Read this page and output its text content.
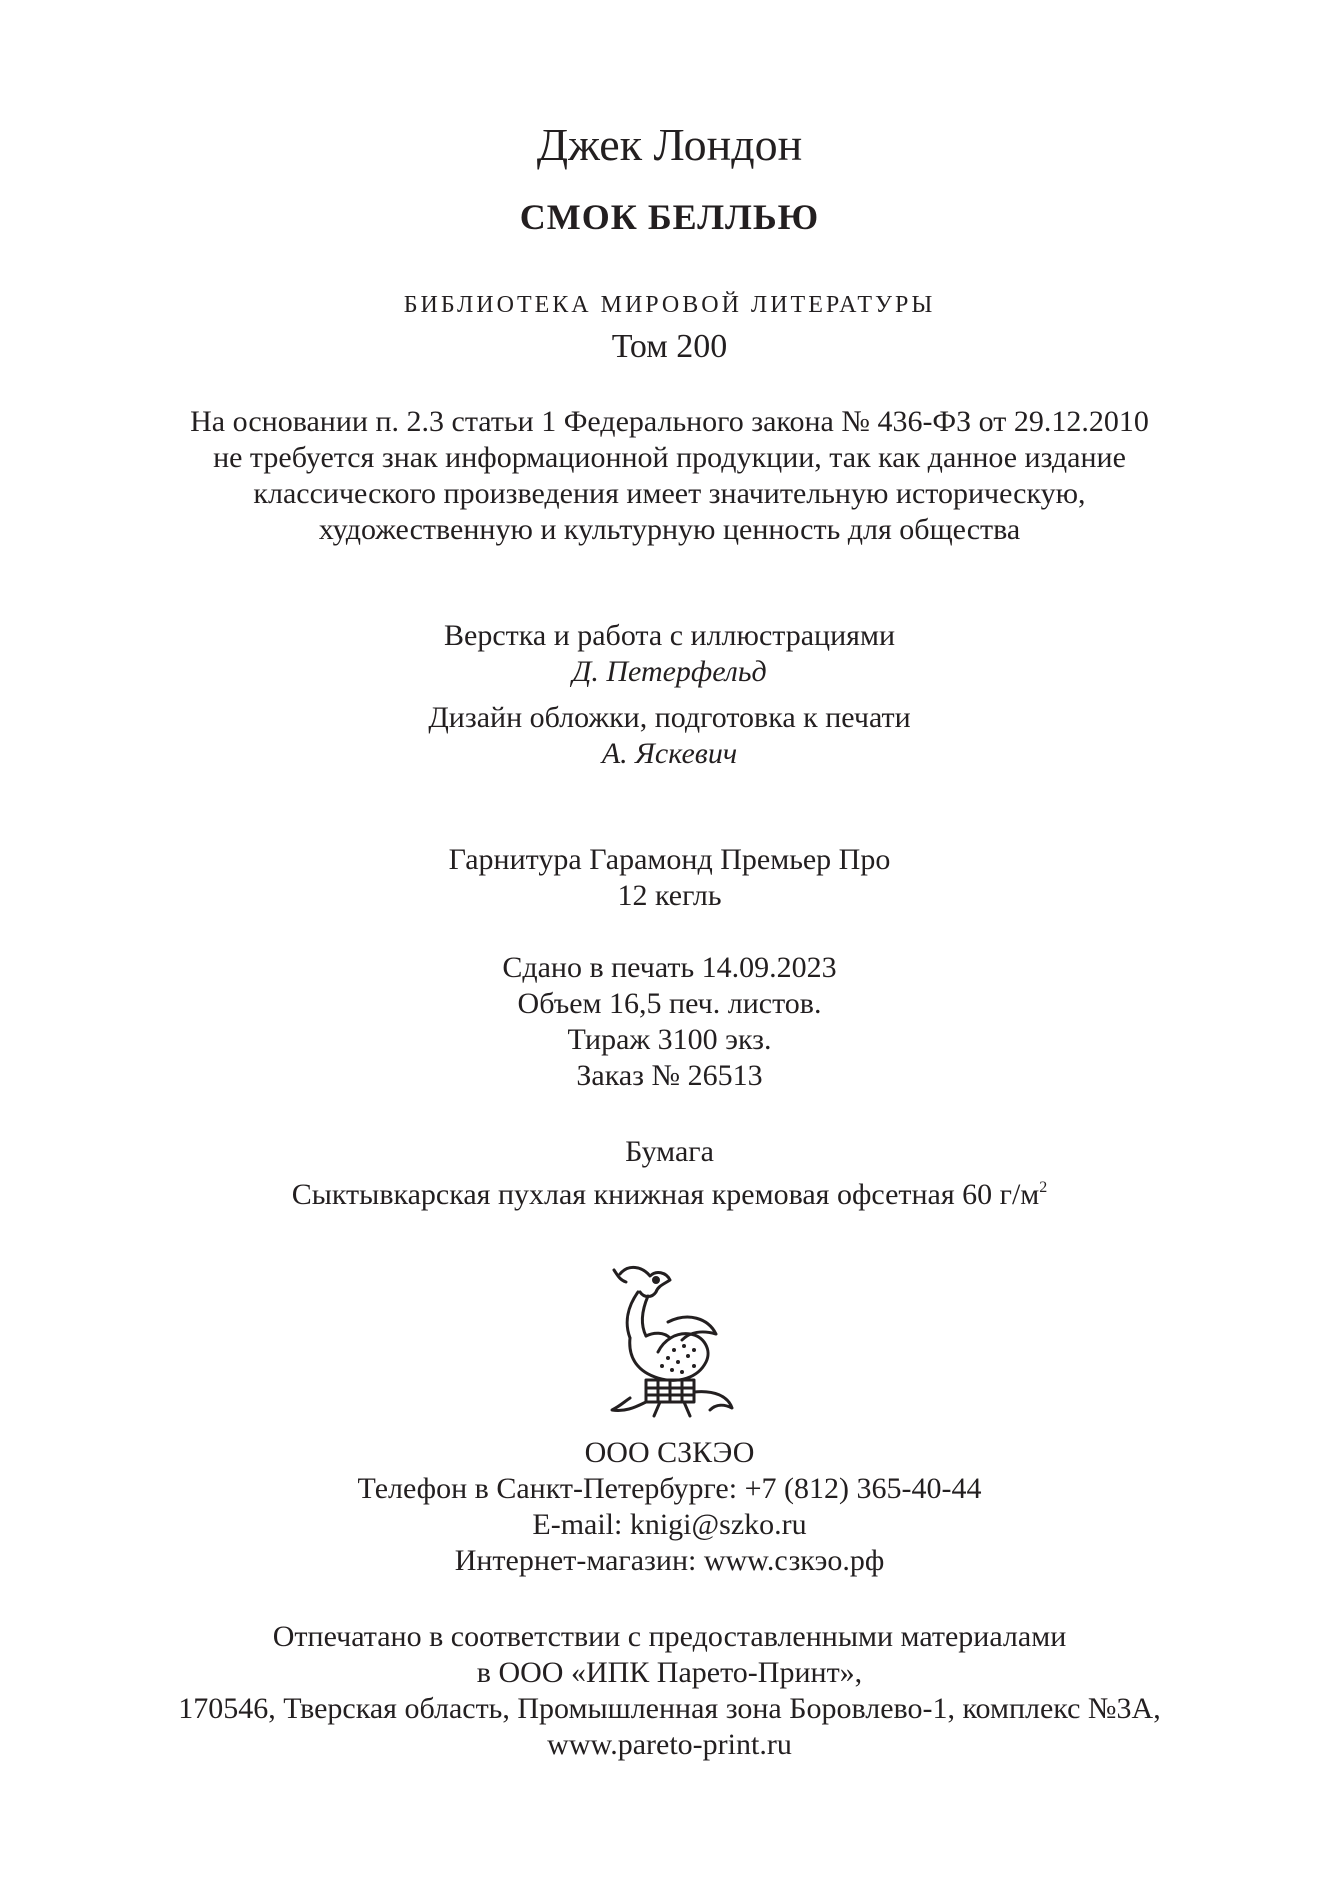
Джек Лондон
СМОК БЕЛЛЬЮ
БИБЛИОТЕКА МИРОВОЙ ЛИТЕРАТУРЫ
Том 200
На основании п. 2.3 статьи 1 Федерального закона № 436-ФЗ от 29.12.2010
не требуется знак информационной продукции, так как данное издание
классического произведения имеет значительную историческую,
художественную и культурную ценность для общества
Верстка и работа с иллюстрациями
Д. Петерфельд
Дизайн обложки, подготовка к печати
А. Яскевич
Гарнитура Гарамонд Премьер Про
12 кегль
Сдано в печать 14.09.2023
Объем 16,5 печ. листов.
Тираж 3100 экз.
Заказ № 26513
Бумага
Сыктывкарская пухлая книжная кремовая офсетная 60 $г/м^2$
ООО СЗКЭО
Телефон в Санкт-Петербурге: +7 (812) 365-40-44
E-mail: knigi@szko.ru
Интернет-магазин: www.сзкэо.рф
Отпечатано в соответствии с предоставленными материалами
в ООО «ИПК Парето-Принт»,
170546, Тверская область, Промышленная зона Боровлево-1, комплекс №3А,
www.pareto-print.ru
